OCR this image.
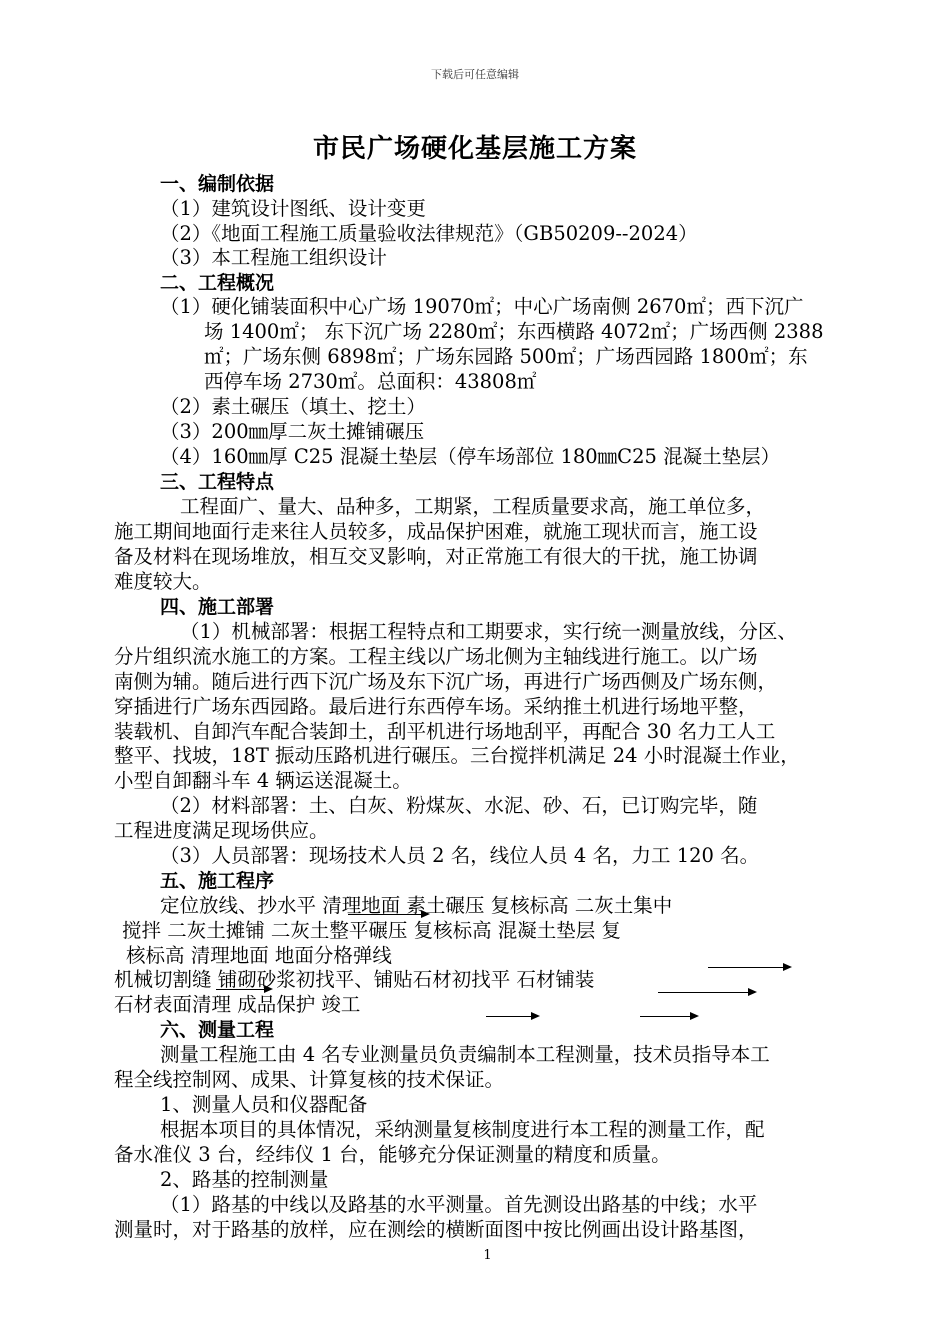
下载后可任意编辑
市民广场硬化基层施工方案
一、编制依据
（1）建筑设计图纸、设计变更
（2）《地面工程施工质量验收法律规范》（GB50209--2024）
（3）本工程施工组织设计
二、工程概况
（1）硬化铺装面积中心广场 19070㎡；中心广场南侧 2670㎡；西下沉广
场 1400㎡； 东下沉广场 2280㎡；东西横路 4072㎡；广场西侧 2388
㎡；广场东侧 6898㎡；广场东园路 500㎡；广场西园路 1800㎡；东
西停车场 2730㎡。总面积：43808㎡
（2）素土碾压（填土、挖土）
（3）200㎜厚二灰土摊铺碾压
（4）160㎜厚 C25 混凝土垫层（停车场部位 180㎜C25 混凝土垫层）
三、工程特点
工程面广、量大、品种多，工期紧，工程质量要求高，施工单位多，
施工期间地面行走来往人员较多，成品保护困难，就施工现状而言，施工设
备及材料在现场堆放，相互交叉影响，对正常施工有很大的干扰，施工协调
难度较大。
四、施工部署
（1）机械部署：根据工程特点和工期要求，实行统一测量放线，分区、
分片组织流水施工的方案。工程主线以广场北侧为主轴线进行施工。以广场
南侧为辅。随后进行西下沉广场及东下沉广场，再进行广场西侧及广场东侧，
穿插进行广场东西园路。最后进行东西停车场。采纳推土机进行场地平整，
装载机、自卸汽车配合装卸土，刮平机进行场地刮平，再配合 30 名力工人工
整平、找坡，18T 振动压路机进行碾压。三台搅拌机满足 24 小时混凝土作业，
小型自卸翻斗车 4 辆运送混凝土。
（2）材料部署：土、白灰、粉煤灰、水泥、砂、石，已订购完毕，随
工程进度满足现场供应。
（3）人员部署：现场技术人员 2 名，线位人员 4 名，力工 120 名。
五、施工程序
定位放线、抄水平 清理地面 素土碾压 复核标高 二灰土集中
搅拌 二灰土摊铺 二灰土整平碾压 复核标高 混凝土垫层 复
核标高 清理地面 地面分格弹线
机械切割缝 铺砌砂浆初找平、铺贴石材初找平 石材铺装
石材表面清理 成品保护 竣工
六、测量工程
测量工程施工由 4 名专业测量员负责编制本工程测量，技术员指导本工
程全线控制网、成果、计算复核的技术保证。
1、测量人员和仪器配备
根据本项目的具体情况，采纳测量复核制度进行本工程的测量工作，配
备水准仪 3 台，经纬仪 1 台，能够充分保证测量的精度和质量。
2、路基的控制测量
（1）路基的中线以及路基的水平测量。首先测设出路基的中线；水平
测量时，对于路基的放样，应在测绘的横断面图中按比例画出设计路基图，
1
